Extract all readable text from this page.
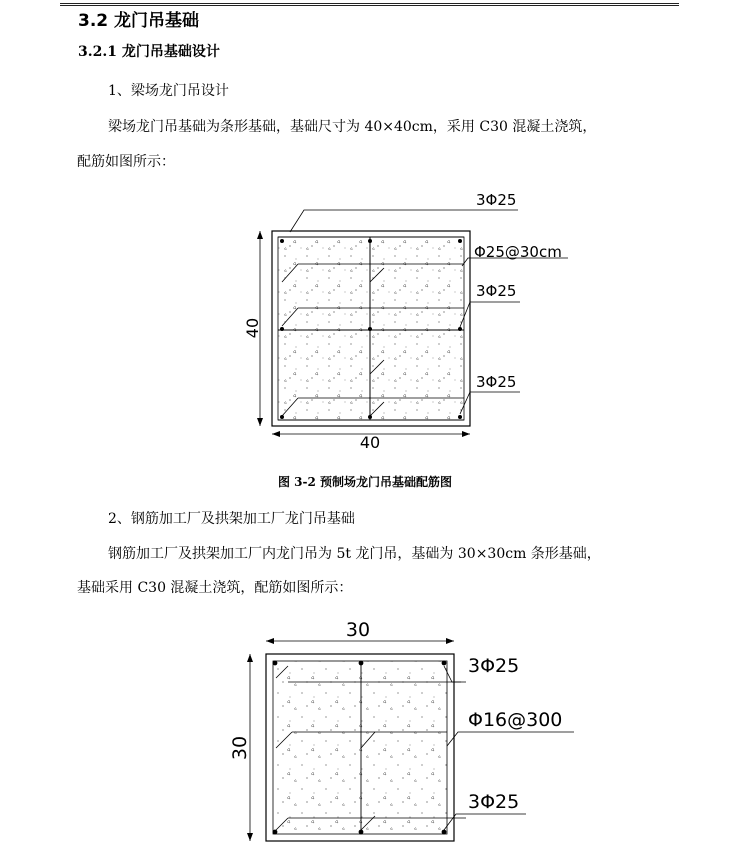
3.2 龙门吊基础
3.2.1 龙门吊基础设计
1、梁场龙门吊设计
梁场龙门吊基础为条形基础，基础尺寸为 40×40cm，采用 C30 混凝土浇筑，
配筋如图所示：
3Φ25
Φ25@30cm
3Φ25
3Φ25
40
40
图 3-2 预制场龙门吊基础配筋图
2、钢筋加工厂及拱架加工厂龙门吊基础
钢筋加工厂及拱架加工厂内龙门吊为 5t 龙门吊，基础为 30×30cm 条形基础，
基础采用 C30 混凝土浇筑，配筋如图所示：
30
30
3Φ25
Φ16@300
3Φ25
